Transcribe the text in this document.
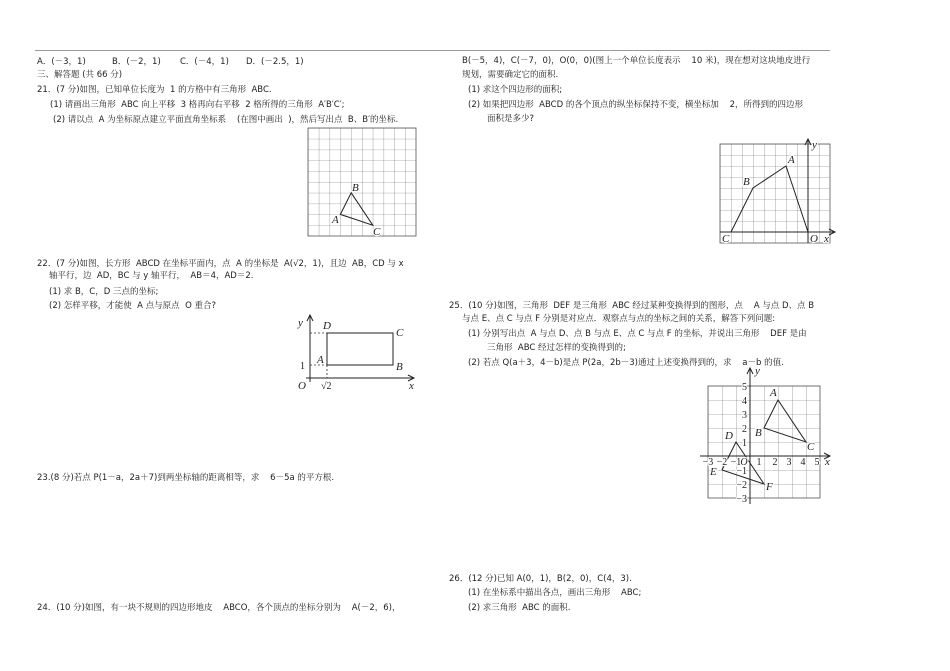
A．(－3，1)	B．(－2，1) C．(－4，1) D．(－2.5，1)
三、解答题 (共 66 分)
21．(7 分)如图，已知单位长度为  1 的方格中有三角形  ABC.
(1) 请画出三角形  ABC 向上平移  3 格再向右平移  2 格所得的三角形  A′B′C′;
(2) 请以点  A 为坐标原点建立平面直角坐标系    (在图中画出  )，然后写出点  B、B′的坐标.
A
B
C
22．(7 分)如图，长方形  ABCD 在坐标平面内，点  A 的坐标是  A(√2，1)，且边  AB，CD 与 x
轴平行，边  AD，BC 与 y 轴平行，  AB＝4，AD＝2.
(1) 求 B，C，D 三点的坐标;
(2) 怎样平移，才能使  A 点与原点  O 重合?
y D
C
A
B
1
O √2	x
23.(8 分)若点 P(1－a，2a＋7)到两坐标轴的距离相等，求    6－5a 的平方根.
24．(10 分)如图，有一块不规则的四边形地皮    ABCO，各个顶点的坐标分别为    A(－2，6)，
B(－5，4)，C(－7，0)，O(0，0)(图上一个单位长度表示    10 米)，现在想对这块地皮进行
规划，需要确定它的面积.
(1) 求这个四边形的面积;
(2) 如果把四边形  ABCD 的各个顶点的纵坐标保持不变，横坐标加    2，所得到的四边形
面积是多少?
y
A
B
C	O x
25．(10 分)如图，三角形  DEF 是三角形  ABC 经过某种变换得到的图形，点    A 与点 D、点 B
与点 E、点 C 与点 F 分别是对应点．观察点与点的坐标之间的关系，解答下列问题:
(1) 分别写出点  A 与点 D、点 B 与点 E、点 C 与点 F 的坐标，并说出三角形    DEF 是由
三角形  ABC 经过怎样的变换得到的;
(2) 若点 Q(a＋3，4－b)是点 P(2a，2b－3)通过上述变换得到的，求    a－b 的值.
−3 −2 −1 O 1 2 3 4 5 x
5
4
3
2
1
−1
−2
−3
y
A
B
C
D
E
F
26．(12 分)已知 A(0，1)，B(2，0)，C(4，3).
(1) 在坐标系中描出各点，画出三角形    ABC;
(2) 求三角形  ABC 的面积.
